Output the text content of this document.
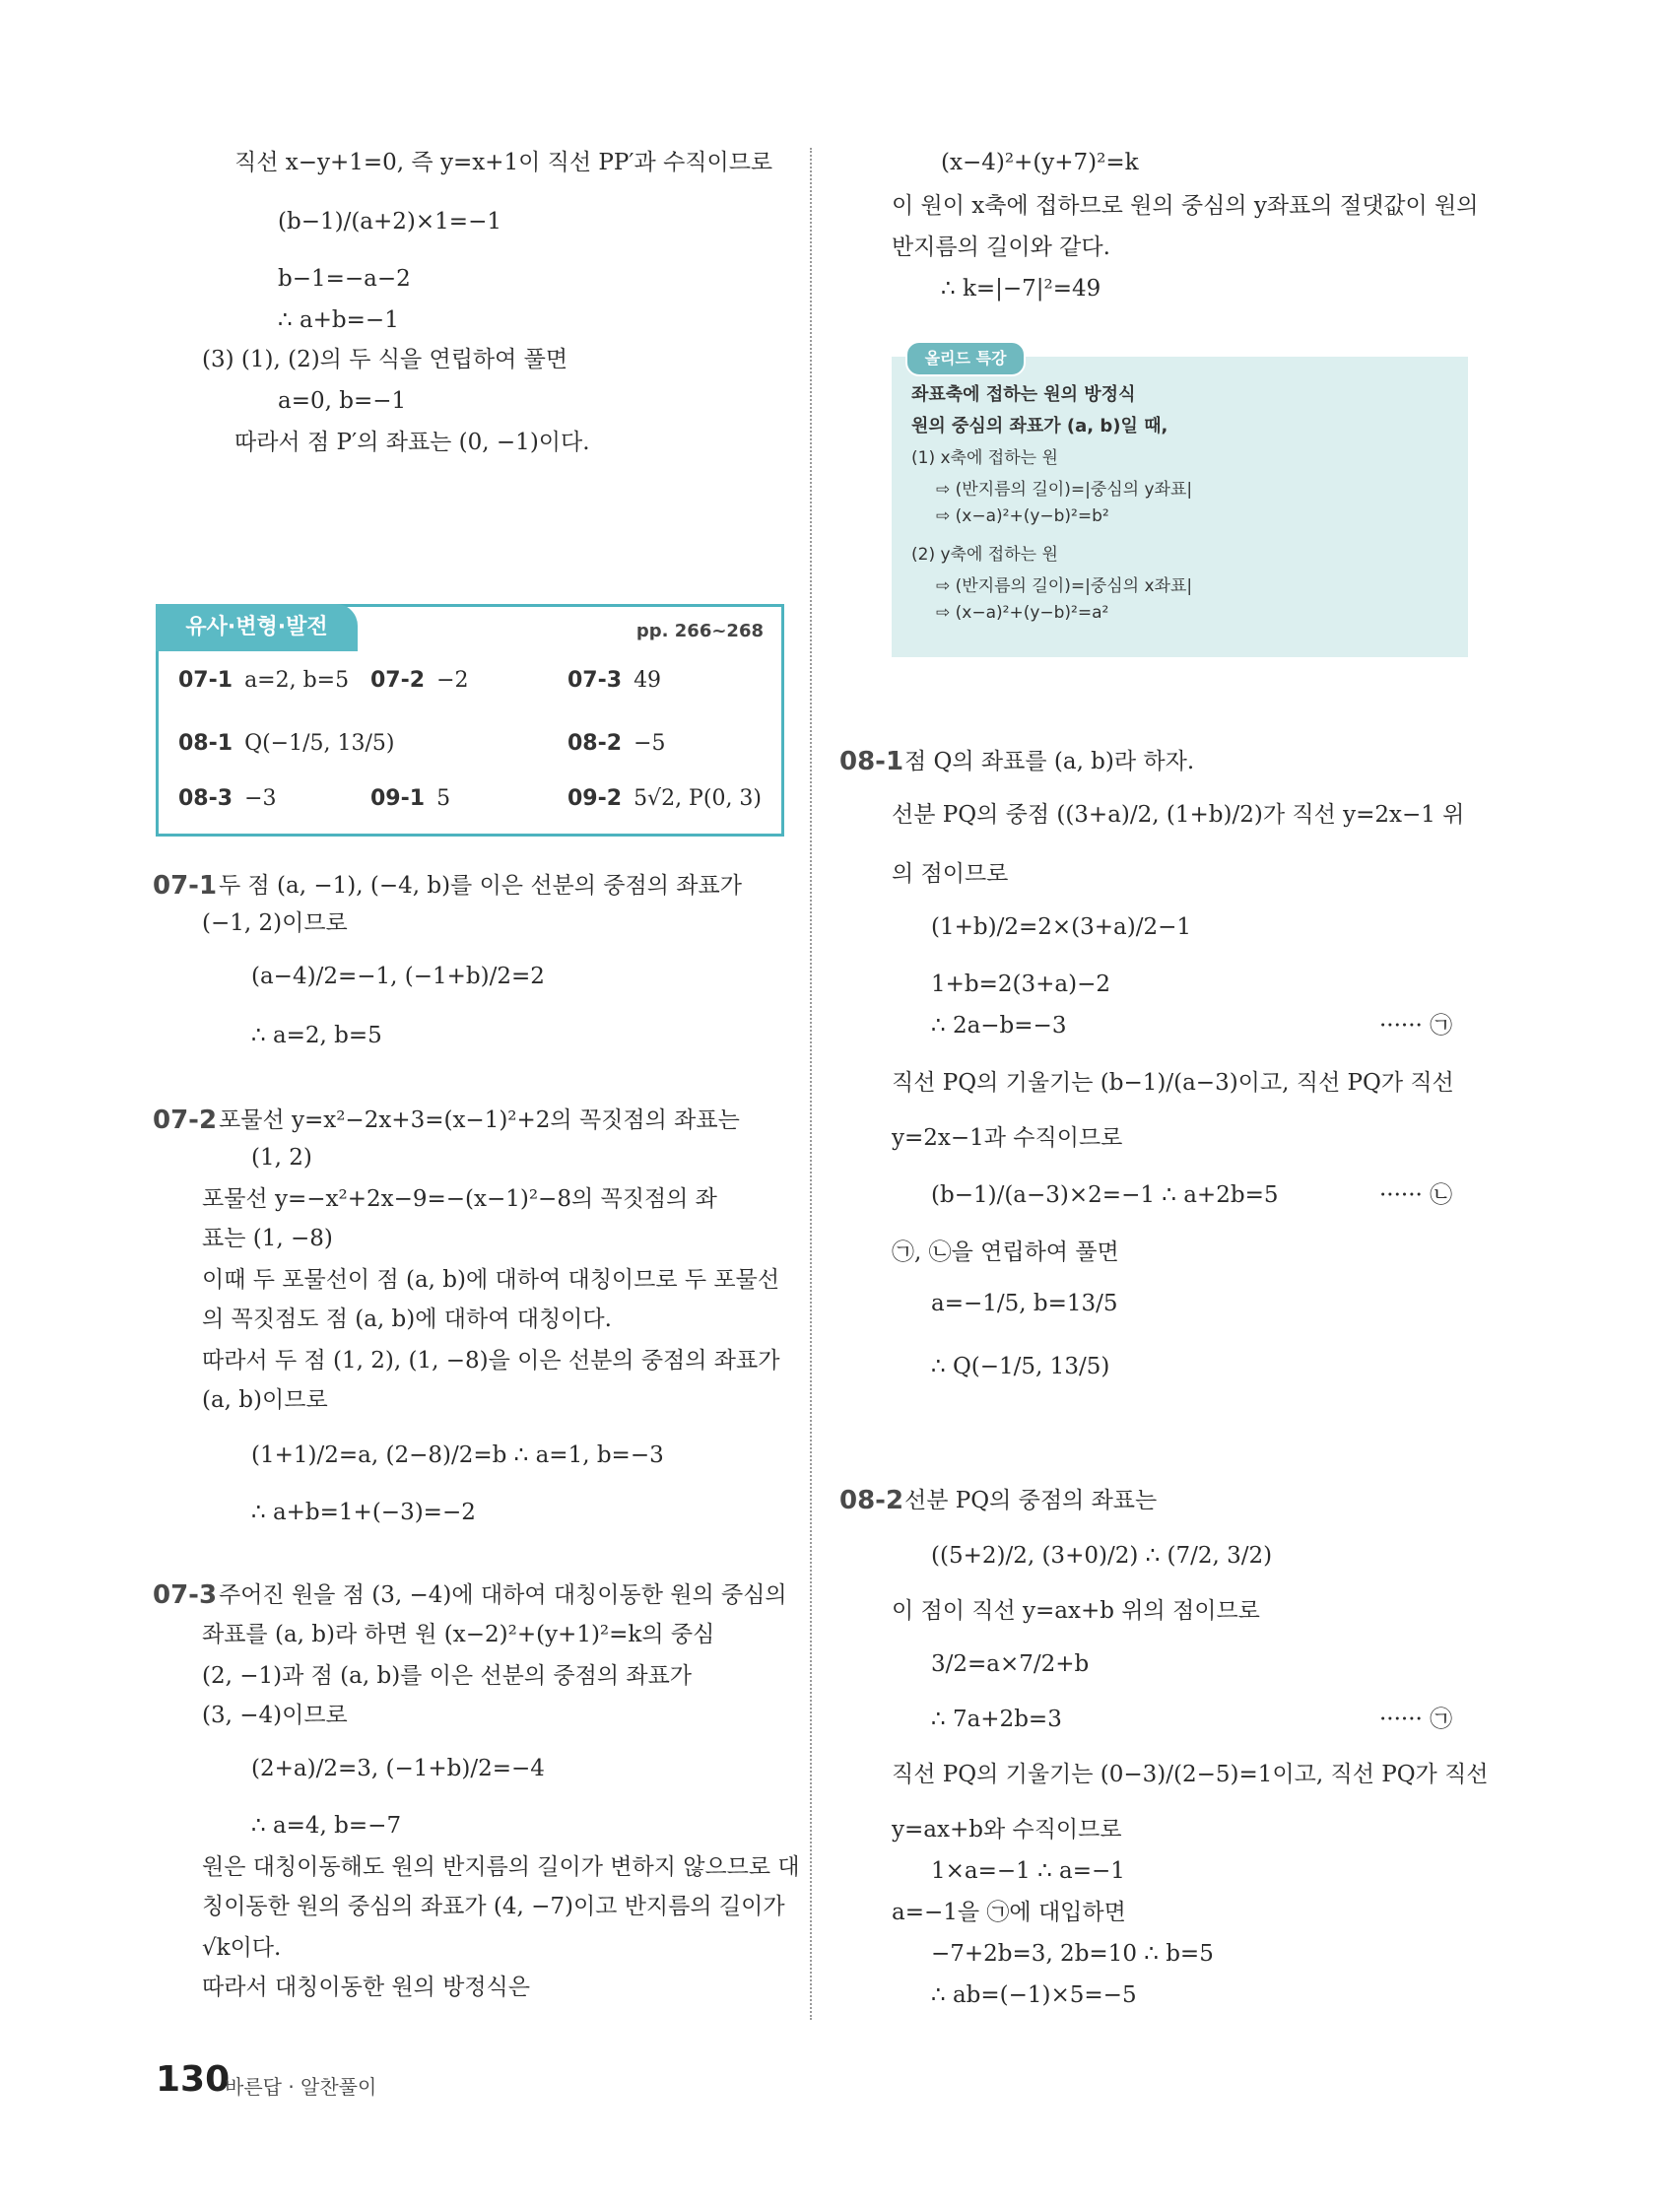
직선 x−y+1=0, 즉 y=x+1이 직선 PP′과 수직이므로
(b−1)/(a+2)×1=−1
b−1=−a−2
∴ a+b=−1
(3) (1), (2)의 두 식을 연립하여 풀면
a=0, b=−1
따라서 점 P′의 좌표는 (0, −1)이다.
유사·변형·발전	pp. 266~268
07-1 a=2, b=5 07-2 −2	07-3 49
08-1 Q(−1/5, 13/5)	08-2 −5
08-3 −3	09-1 5	09-2 5√2, P(0, 3)
07-1 두 점 (a, −1), (−4, b)를 이은 선분의 중점의 좌표가
(−1, 2)이므로
(a−4)/2=−1, (−1+b)/2=2
∴ a=2, b=5
07-2 포물선 y=x²−2x+3=(x−1)²+2의 꼭짓점의 좌표는
(1, 2)
포물선 y=−x²+2x−9=−(x−1)²−8의 꼭짓점의 좌
표는 (1, −8)
이때 두 포물선이 점 (a, b)에 대하여 대칭이므로 두 포물선
의 꼭짓점도 점 (a, b)에 대하여 대칭이다.
따라서 두 점 (1, 2), (1, −8)을 이은 선분의 중점의 좌표가
(a, b)이므로
(1+1)/2=a, (2−8)/2=b ∴ a=1, b=−3
∴ a+b=1+(−3)=−2
07-3 주어진 원을 점 (3, −4)에 대하여 대칭이동한 원의 중심의
좌표를 (a, b)라 하면 원 (x−2)²+(y+1)²=k의 중심
(2, −1)과 점 (a, b)를 이은 선분의 중점의 좌표가
(3, −4)이므로
(2+a)/2=3, (−1+b)/2=−4
∴ a=4, b=−7
원은 대칭이동해도 원의 반지름의 길이가 변하지 않으므로 대
칭이동한 원의 중심의 좌표가 (4, −7)이고 반지름의 길이가
√k이다.
따라서 대칭이동한 원의 방정식은
(x−4)²+(y+7)²=k
이 원이 x축에 접하므로 원의 중심의 y좌표의 절댓값이 원의
반지름의 길이와 같다.
∴ k=|−7|²=49
올리드 특강
좌표축에 접하는 원의 방정식
원의 중심의 좌표가 (a, b)일 때,
(1) x축에 접하는 원
⇨ (반지름의 길이)=|중심의 y좌표|
⇨ (x−a)²+(y−b)²=b²
(2) y축에 접하는 원
⇨ (반지름의 길이)=|중심의 x좌표|
⇨ (x−a)²+(y−b)²=a²
08-1 점 Q의 좌표를 (a, b)라 하자.
선분 PQ의 중점 ((3+a)/2, (1+b)/2)가 직선 y=2x−1 위
의 점이므로
(1+b)/2=2×(3+a)/2−1
1+b=2(3+a)−2
∴ 2a−b=−3	······ ㉠
직선 PQ의 기울기는 (b−1)/(a−3)이고, 직선 PQ가 직선
y=2x−1과 수직이므로
(b−1)/(a−3)×2=−1 ∴ a+2b=5	······ ㉡
㉠, ㉡을 연립하여 풀면
a=−1/5, b=13/5
∴ Q(−1/5, 13/5)
08-2 선분 PQ의 중점의 좌표는
((5+2)/2, (3+0)/2) ∴ (7/2, 3/2)
이 점이 직선 y=ax+b 위의 점이므로
3/2=a×7/2+b
∴ 7a+2b=3	······ ㉠
직선 PQ의 기울기는 (0−3)/(2−5)=1이고, 직선 PQ가 직선
y=ax+b와 수직이므로
1×a=−1 ∴ a=−1
a=−1을 ㉠에 대입하면
−7+2b=3, 2b=10 ∴ b=5
∴ ab=(−1)×5=−5
130
바른답 · 알찬풀이
